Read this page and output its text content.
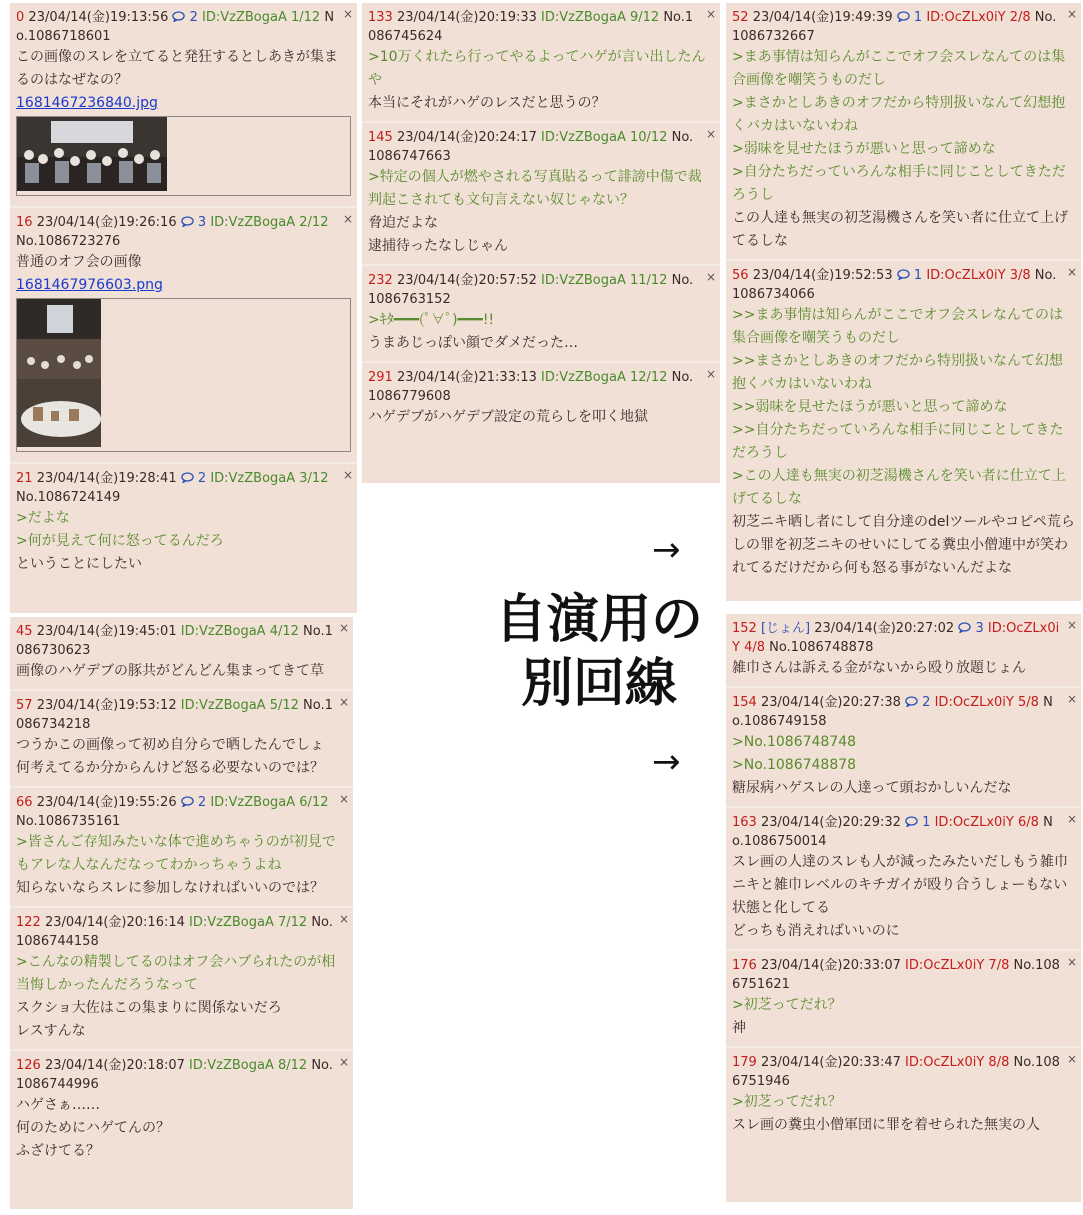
0 23/04/14(金)19:13:56 2 ID:VzZBogaA 1/12 No.1086718601
×
この画像のスレを立てると発狂するとしあきが集まるのはなぜなの？
1681467236840.jpg
16 23/04/14(金)19:26:16 3 ID:VzZBogaA 2/12 No.1086723276
×
普通のオフ会の画像
1681467976603.png
21 23/04/14(金)19:28:41 2 ID:VzZBogaA 3/12 No.1086724149
×
>だよな
>何が見えて何に怒ってるんだろ
ということにしたい
45 23/04/14(金)19:45:01 ID:VzZBogaA 4/12 No.1086730623
×
画像のハゲデブの豚共がどんどん集まってきて草
57 23/04/14(金)19:53:12 ID:VzZBogaA 5/12 No.1086734218
×
つうかこの画像って初め自分らで晒したんでしょ
何考えてるか分からんけど怒る必要ないのでは？
66 23/04/14(金)19:55:26 2 ID:VzZBogaA 6/12 No.1086735161
×
>皆さんご存知みたいな体で進めちゃうのが初見でもアレな人なんだなってわかっちゃうよね
知らないならスレに参加しなければいいのでは？
122 23/04/14(金)20:16:14 ID:VzZBogaA 7/12 No.1086744158
×
>こんなの精製してるのはオフ会ハブられたのが相当悔しかったんだろうなって
スクショ大佐はこの集まりに関係ないだろ
レスすんな
126 23/04/14(金)20:18:07 ID:VzZBogaA 8/12 No.1086744996
×
ハゲさぁ……
何のためにハゲてんの？
ふざけてる？
133 23/04/14(金)20:19:33 ID:VzZBogaA 9/12 No.1086745624
×
>10万くれたら行ってやるよってハゲが言い出したんや
本当にそれがハゲのレスだと思うの？
145 23/04/14(金)20:24:17 ID:VzZBogaA 10/12 No.1086747663
×
>特定の個人が燃やされる写真貼るって誹謗中傷で裁判起こされても文句言えない奴じゃない？
脅迫だよな
逮捕待ったなしじゃん
232 23/04/14(金)20:57:52 ID:VzZBogaA 11/12 No.1086763152
×
>ｷﾀ━━━(ﾟ∀ﾟ)━━━!!
うまあじっぽい顔でダメだった…
291 23/04/14(金)21:33:13 ID:VzZBogaA 12/12 No.1086779608
×
ハゲデブがハゲデブ設定の荒らしを叩く地獄
52 23/04/14(金)19:49:39 1 ID:OcZLx0iY 2/8 No.1086732667
×
>まあ事情は知らんがここでオフ会スレなんてのは集合画像を嘲笑うものだし
>まさかとしあきのオフだから特別扱いなんて幻想抱くバカはいないわね
>弱味を見せたほうが悪いと思って諦めな
>自分たちだっていろんな相手に同じことしてきただろうし
この人達も無実の初芝湯機さんを笑い者に仕立て上げてるしな
56 23/04/14(金)19:52:53 1 ID:OcZLx0iY 3/8 No.1086734066
×
>>まあ事情は知らんがここでオフ会スレなんてのは集合画像を嘲笑うものだし
>>まさかとしあきのオフだから特別扱いなんて幻想抱くバカはいないわね
>>弱味を見せたほうが悪いと思って諦めな
>>自分たちだっていろんな相手に同じことしてきただろうし
>この人達も無実の初芝湯機さんを笑い者に仕立て上げてるしな
初芝ニキ晒し者にして自分達のdelツールやコピペ荒らしの罪を初芝ニキのせいにしてる糞虫小僧連中が笑われてるだけだから何も怒る事がないんだよな
152 [じょん] 23/04/14(金)20:27:02 3 ID:OcZLx0iY 4/8 No.1086748878
×
雑巾さんは訴える金がないから殴り放題じょん
154 23/04/14(金)20:27:38 2 ID:OcZLx0iY 5/8 No.1086749158
×
>No.1086748748
>No.1086748878
糖尿病ハゲスレの人達って頭おかしいんだな
163 23/04/14(金)20:29:32 1 ID:OcZLx0iY 6/8 No.1086750014
×
スレ画の人達のスレも人が減ったみたいだしもう雑巾ニキと雑巾レベルのキチガイが殴り合うしょーもない状態と化してる
どっちも消えればいいのに
176 23/04/14(金)20:33:07 ID:OcZLx0iY 7/8 No.1086751621
×
>初芝ってだれ？
神
179 23/04/14(金)20:33:47 ID:OcZLx0iY 8/8 No.1086751946
×
>初芝ってだれ？
スレ画の糞虫小僧軍団に罪を着せられた無実の人
自演用の
別回線
→
→
